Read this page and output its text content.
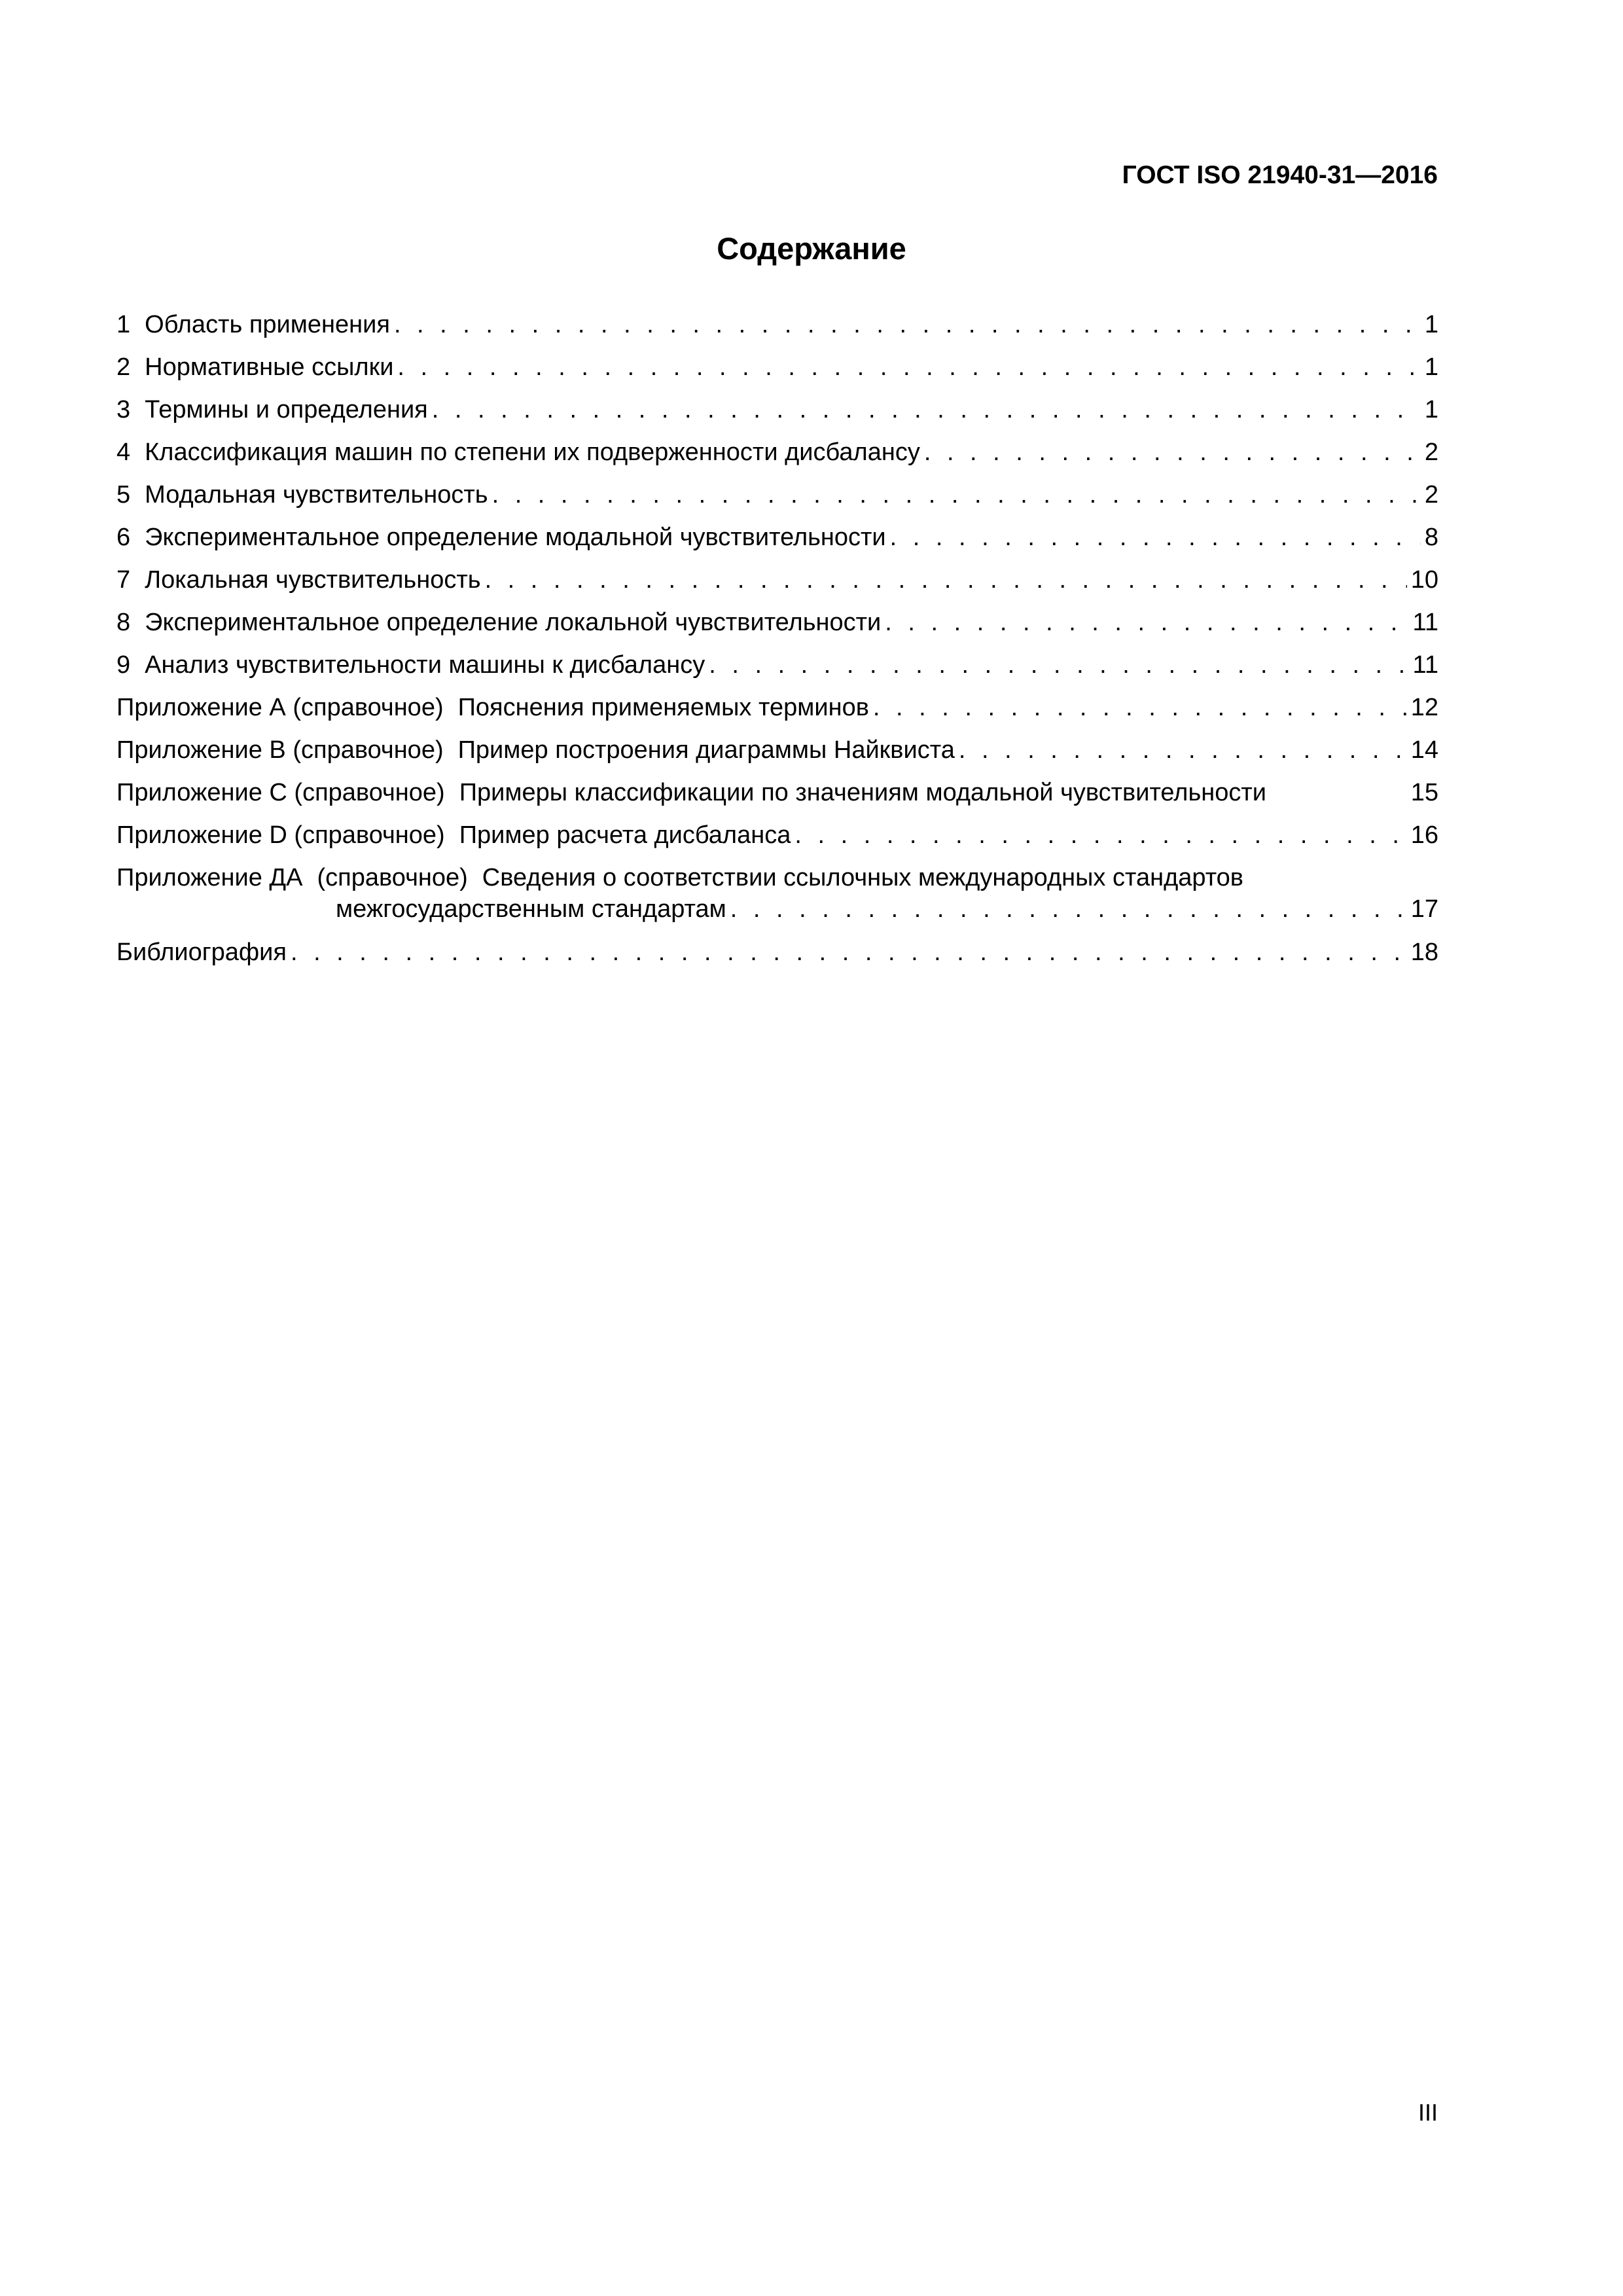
ГОСТ ISO 21940-31—2016
Содержание
1 Область применения . . .	1
2 Нормативные ссылки . . .	1
3 Термины и определения . . .	1
4 Классификация машин по степени их подверженности дисбалансу . . .	2
5 Модальная чувствительность . . .	2
6 Экспериментальное определение модальной чувствительности . . .	8
7 Локальная чувствительность . . .	10
8 Экспериментальное определение локальной чувствительности . . .	11
9 Анализ чувствительности машины к дисбалансу . . .	11
Приложение А (справочное) Пояснения применяемых терминов . . .	12
Приложение В (справочное) Пример построения диаграммы Найквиста . . .	14
Приложение С (справочное) Примеры классификации по значениям модальной чувствительности	15
Приложение D (справочное) Пример расчета дисбаланса . . .	16
Приложение ДА (справочное) Сведения о соответствии ссылочных международных стандартов
межгосударственным стандартам . . .	17
Библиография . . .	18
III
